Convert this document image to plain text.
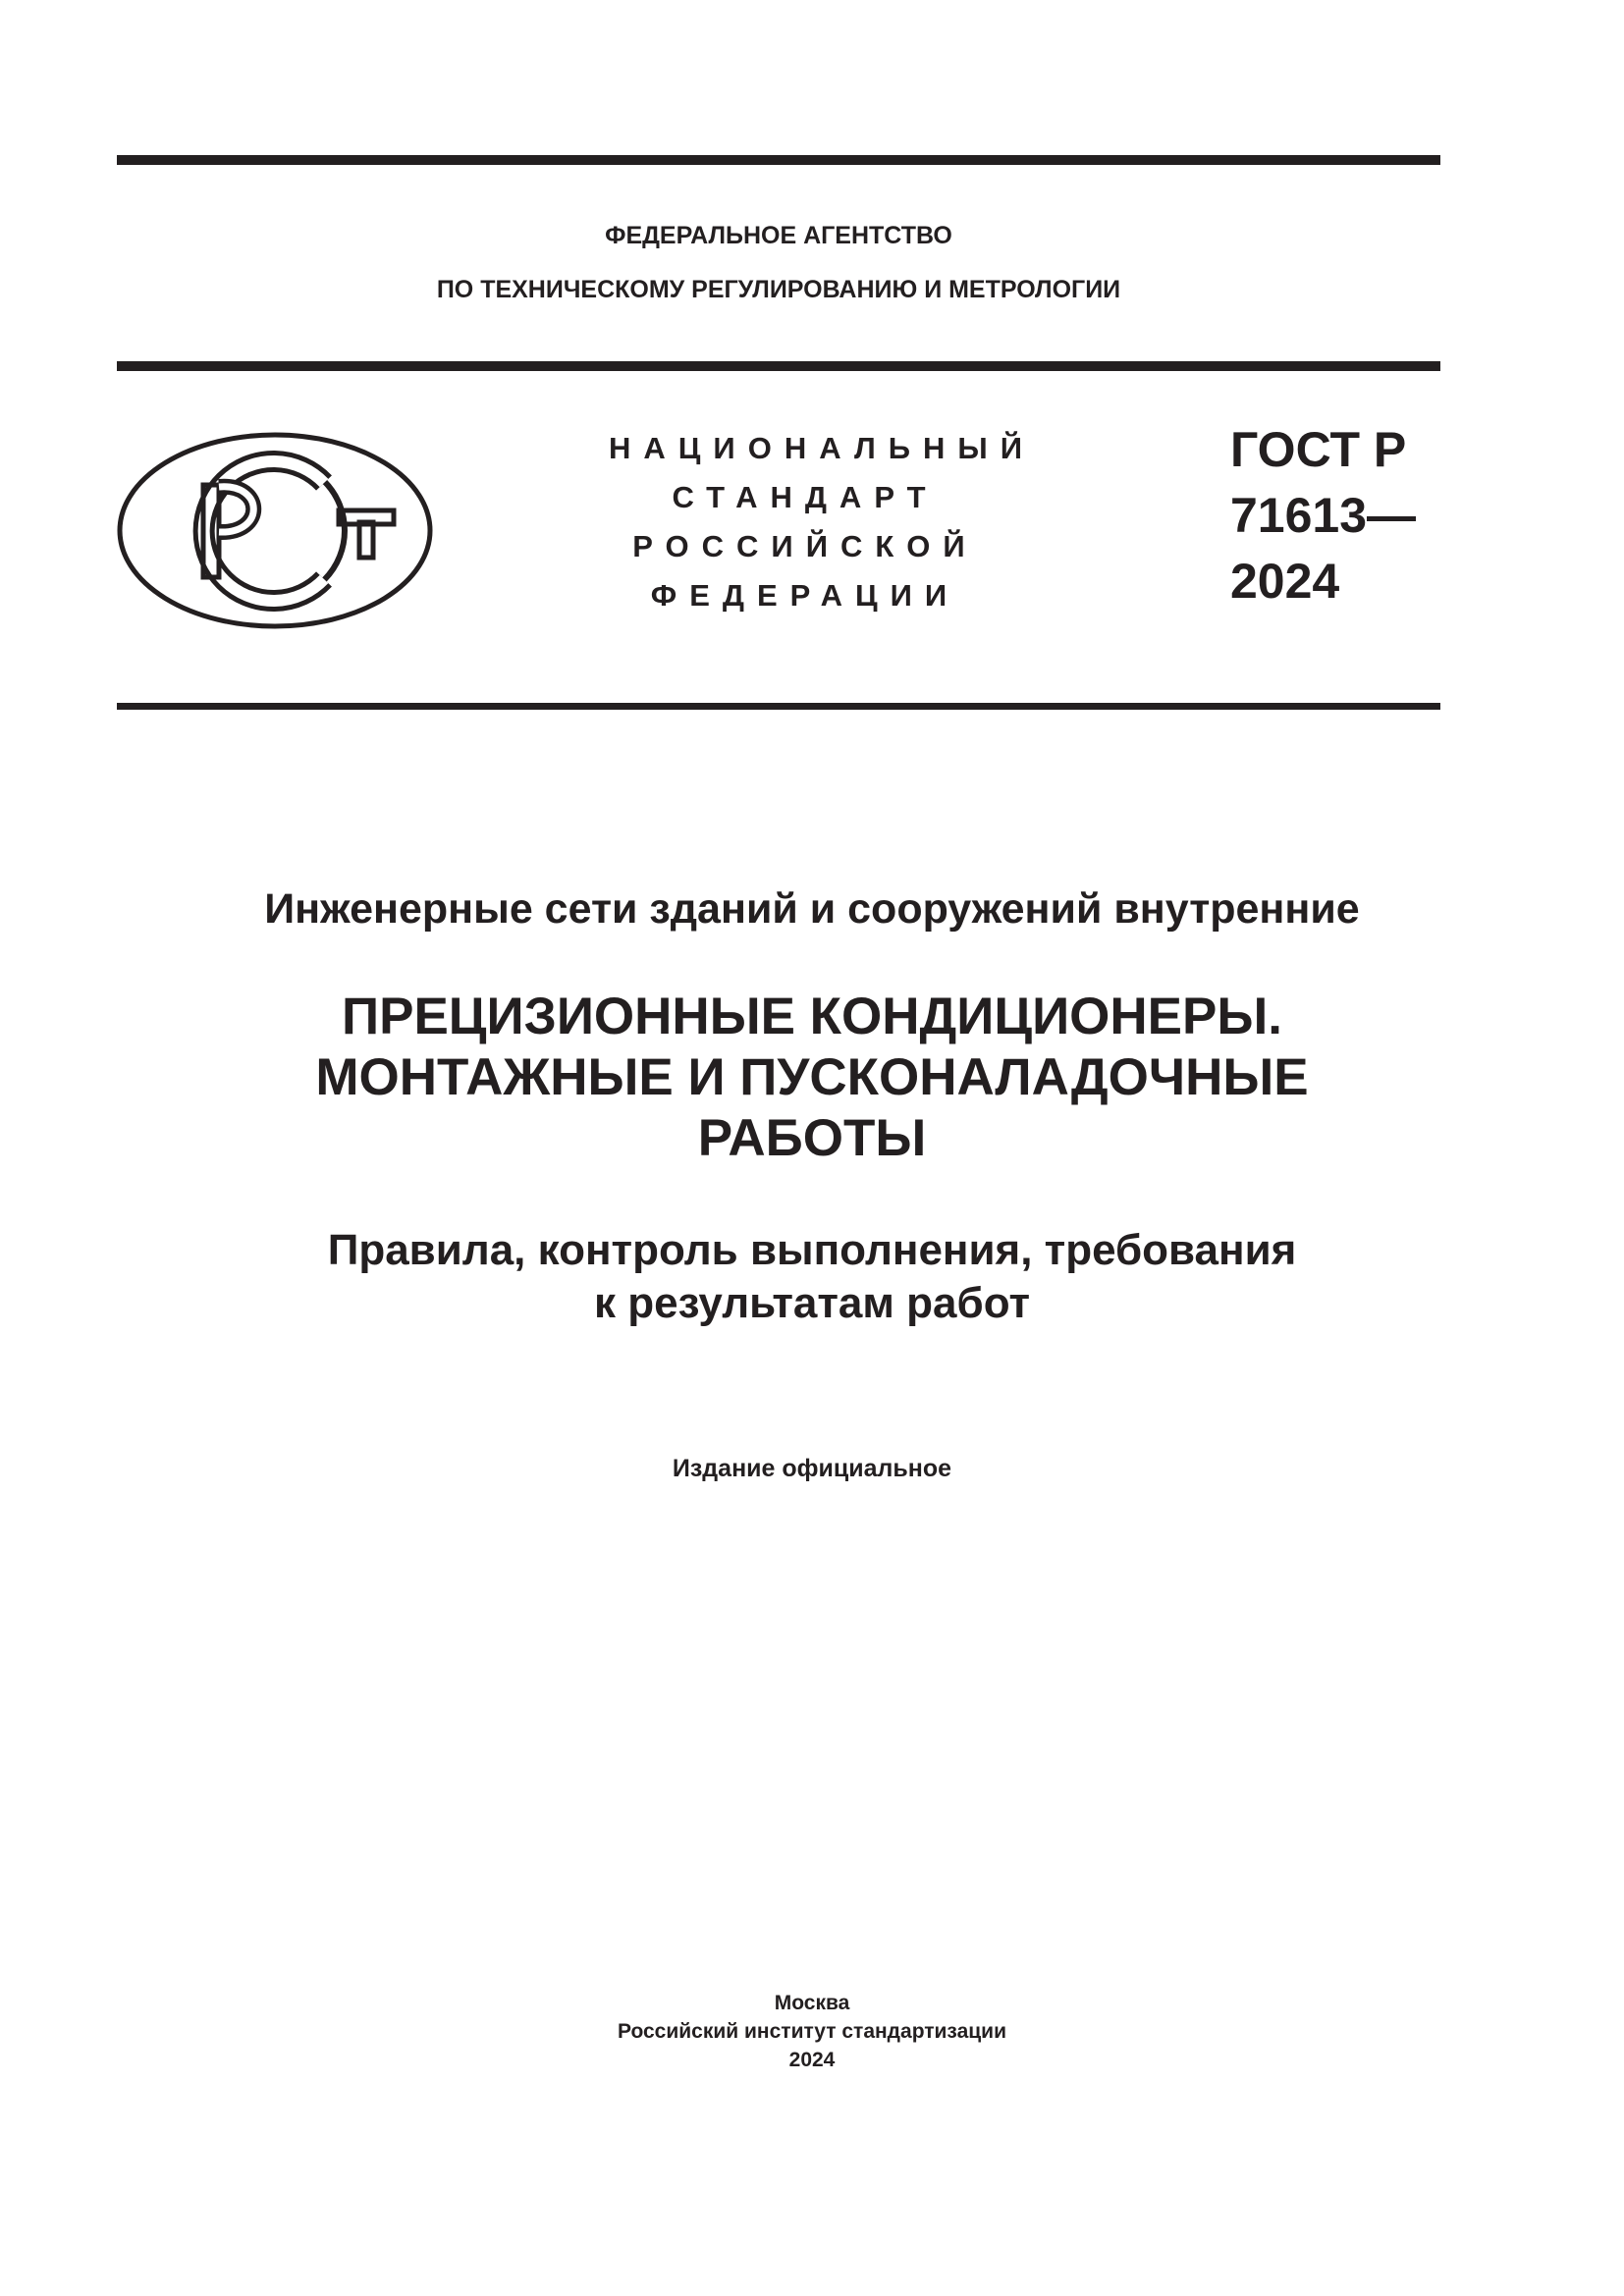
ФЕДЕРАЛЬНОЕ АГЕНТСТВО
ПО ТЕХНИЧЕСКОМУ РЕГУЛИРОВАНИЮ И МЕТРОЛОГИИ
НАЦИОНАЛЬНЫЙ
СТАНДАРТ
РОССИЙСКОЙ
ФЕДЕРАЦИИ
ГОСТ Р
71613—
2024
Инженерные сети зданий и сооружений внутренние
ПРЕЦИЗИОННЫЕ КОНДИЦИОНЕРЫ.
МОНТАЖНЫЕ И ПУСКОНАЛАДОЧНЫЕ
РАБОТЫ
Правила, контроль выполнения, требования
к результатам работ
Издание официальное
Москва
Российский институт стандартизации
2024
